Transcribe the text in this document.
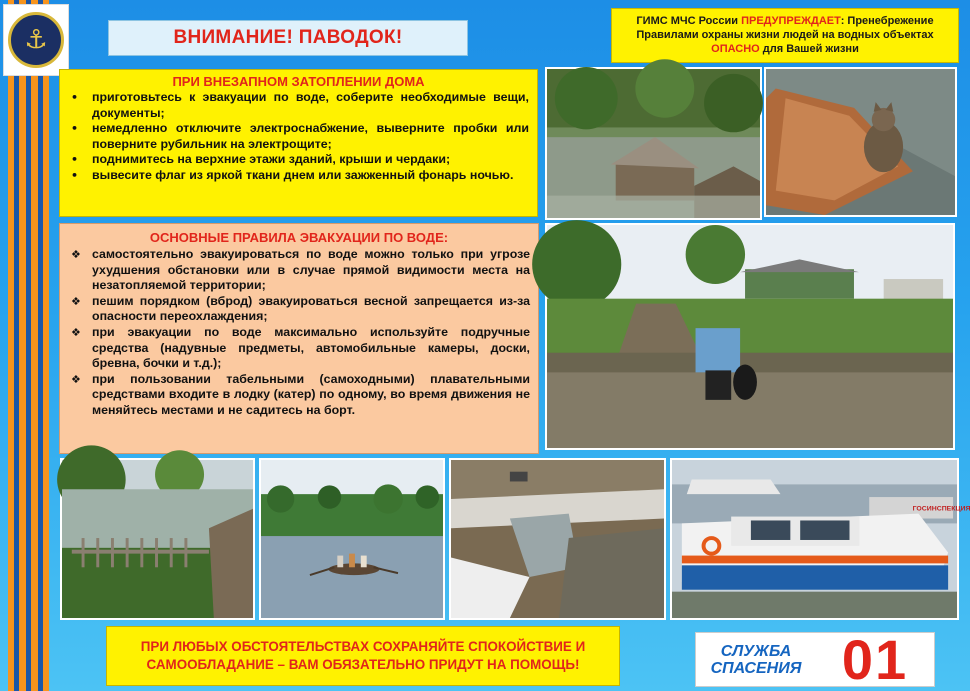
⚓	ВНИМАНИЕ! ПАВОДОК!
ГИМС МЧС России ПРЕДУПРЕЖДАЕТ: Пренебрежение Правилами охраны жизни людей на водных объектах ОПАСНО для Вашей жизни
ПРИ ВНЕЗАПНОМ ЗАТОПЛЕНИИ ДОМА
• приготовьтесь к эвакуации по воде, соберите необходимые вещи, документы;
• немедленно отключите электроснабжение, выверните пробки или поверните рубильник на электрощите;
• поднимитесь на верхние этажи зданий, крыши и чердаки;
• вывесите флаг из яркой ткани днем или зажженный фонарь ночью.
ОСНОВНЫЕ ПРАВИЛА ЭВАКУАЦИИ ПО ВОДЕ:
❖ самостоятельно эвакуироваться по воде можно только при угрозе ухудшения обстановки или в случае прямой видимости места на незатопляемой территории;
❖ пешим порядком (вброд) эвакуироваться весной запрещается из-за опасности переохлаждения;
❖ при эвакуации по воде максимально используйте подручные средства (надувные предметы, автомобильные камеры, доски, бревна, бочки и т.д.);
❖ при пользовании табельными (самоходными) плавательными средствами входите в лодку (катер) по одному, во время движения не меняйтесь местами и не садитесь на борт.
ГОСИНСПЕКЦИЯ
ПРИ ЛЮБЫХ ОБСТОЯТЕЛЬСТВАХ СОХРАНЯЙТЕ СПОКОЙСТВИЕ И
САМООБЛАДАНИЕ – ВАМ ОБЯЗАТЕЛЬНО ПРИДУТ НА ПОМОЩЬ!
СЛУЖБА
СПАСЕНИЯ 01
